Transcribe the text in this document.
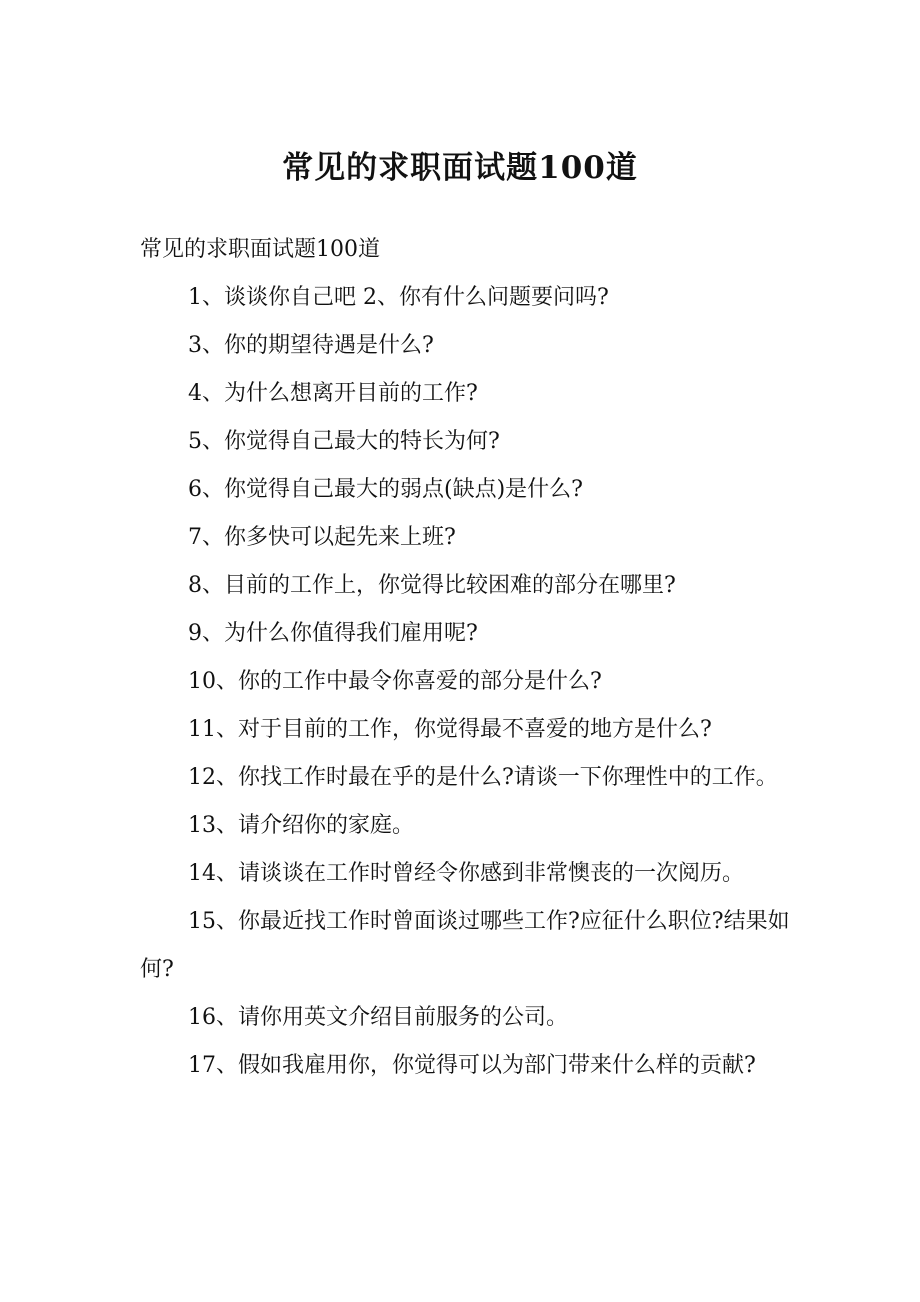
常见的求职面试题100道

常见的求职面试题100道

1、谈谈你自己吧 2、你有什么问题要问吗?

3、你的期望待遇是什么?

4、为什么想离开目前的工作?

5、你觉得自己最大的特长为何?

6、你觉得自己最大的弱点(缺点)是什么?

7、你多快可以起先来上班?

8、目前的工作上，你觉得比较困难的部分在哪里?

9、为什么你值得我们雇用呢?

10、你的工作中最令你喜爱的部分是什么?

11、对于目前的工作，你觉得最不喜爱的地方是什么?

12、你找工作时最在乎的是什么?请谈一下你理性中的工作。

13、请介绍你的家庭。

14、请谈谈在工作时曾经令你感到非常懊丧的一次阅历。

15、你最近找工作时曾面谈过哪些工作?应征什么职位?结果如何?

16、请你用英文介绍目前服务的公司。

17、假如我雇用你，你觉得可以为部门带来什么样的贡献?
